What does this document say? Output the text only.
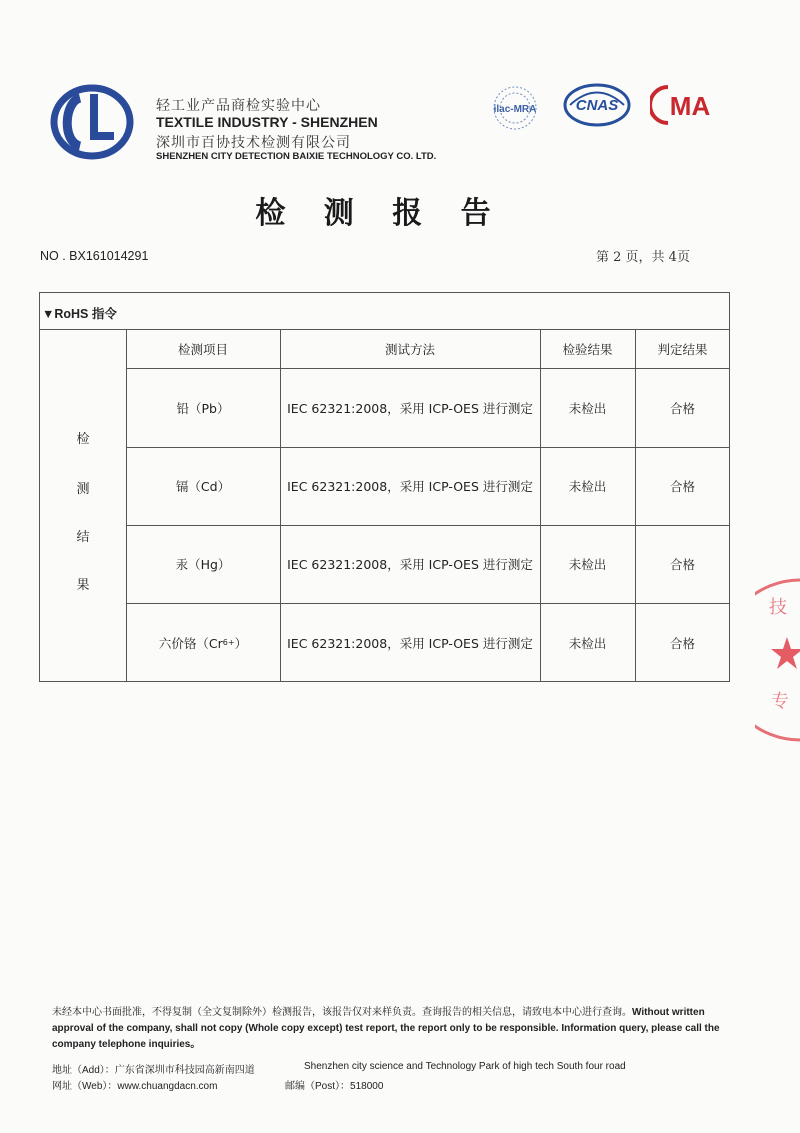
轻工业产品商检实验中心
TEXTILE INDUSTRY - SHENZHEN
深圳市百协技术检测有限公司
SHENZHEN CITY DETECTION BAIXIE TECHNOLOGY CO. LTD.
ilac-MRA	CNAS MA
检 测 报 告
NO . BX161014291	第 2 页，共 4页
▼RoHS 指令
检
测
结
果
检测项目	测试方法	检验结果	判定结果
铅（Pb）	IEC 62321:2008，采用 ICP-OES 进行测定	未检出	合格
镉（Cd）	IEC 62321:2008，采用 ICP-OES 进行测定	未检出	合格
汞（Hg）	IEC 62321:2008，采用 ICP-OES 进行测定	未检出	合格
六价铬（Cr 6+ ）	IEC 62321:2008，采用 ICP-OES 进行测定	未检出	合格
技
专
未经本中心书面批准，不得复制（全文复制除外）检测报告，该报告仅对来样负责。查询报告的相关信息，请致电本中心进行查询。Without written approval of the company, shall not copy (Whole copy except) test report, the report only to be responsible. Information query, please call the company telephone inquiries。
地址（Add）：广东省深圳市科技园高新南四道	Shenzhen city science and Technology Park of high tech South four road
网址（Web）：www.chuangdacn.com	邮编（Post）：518000
